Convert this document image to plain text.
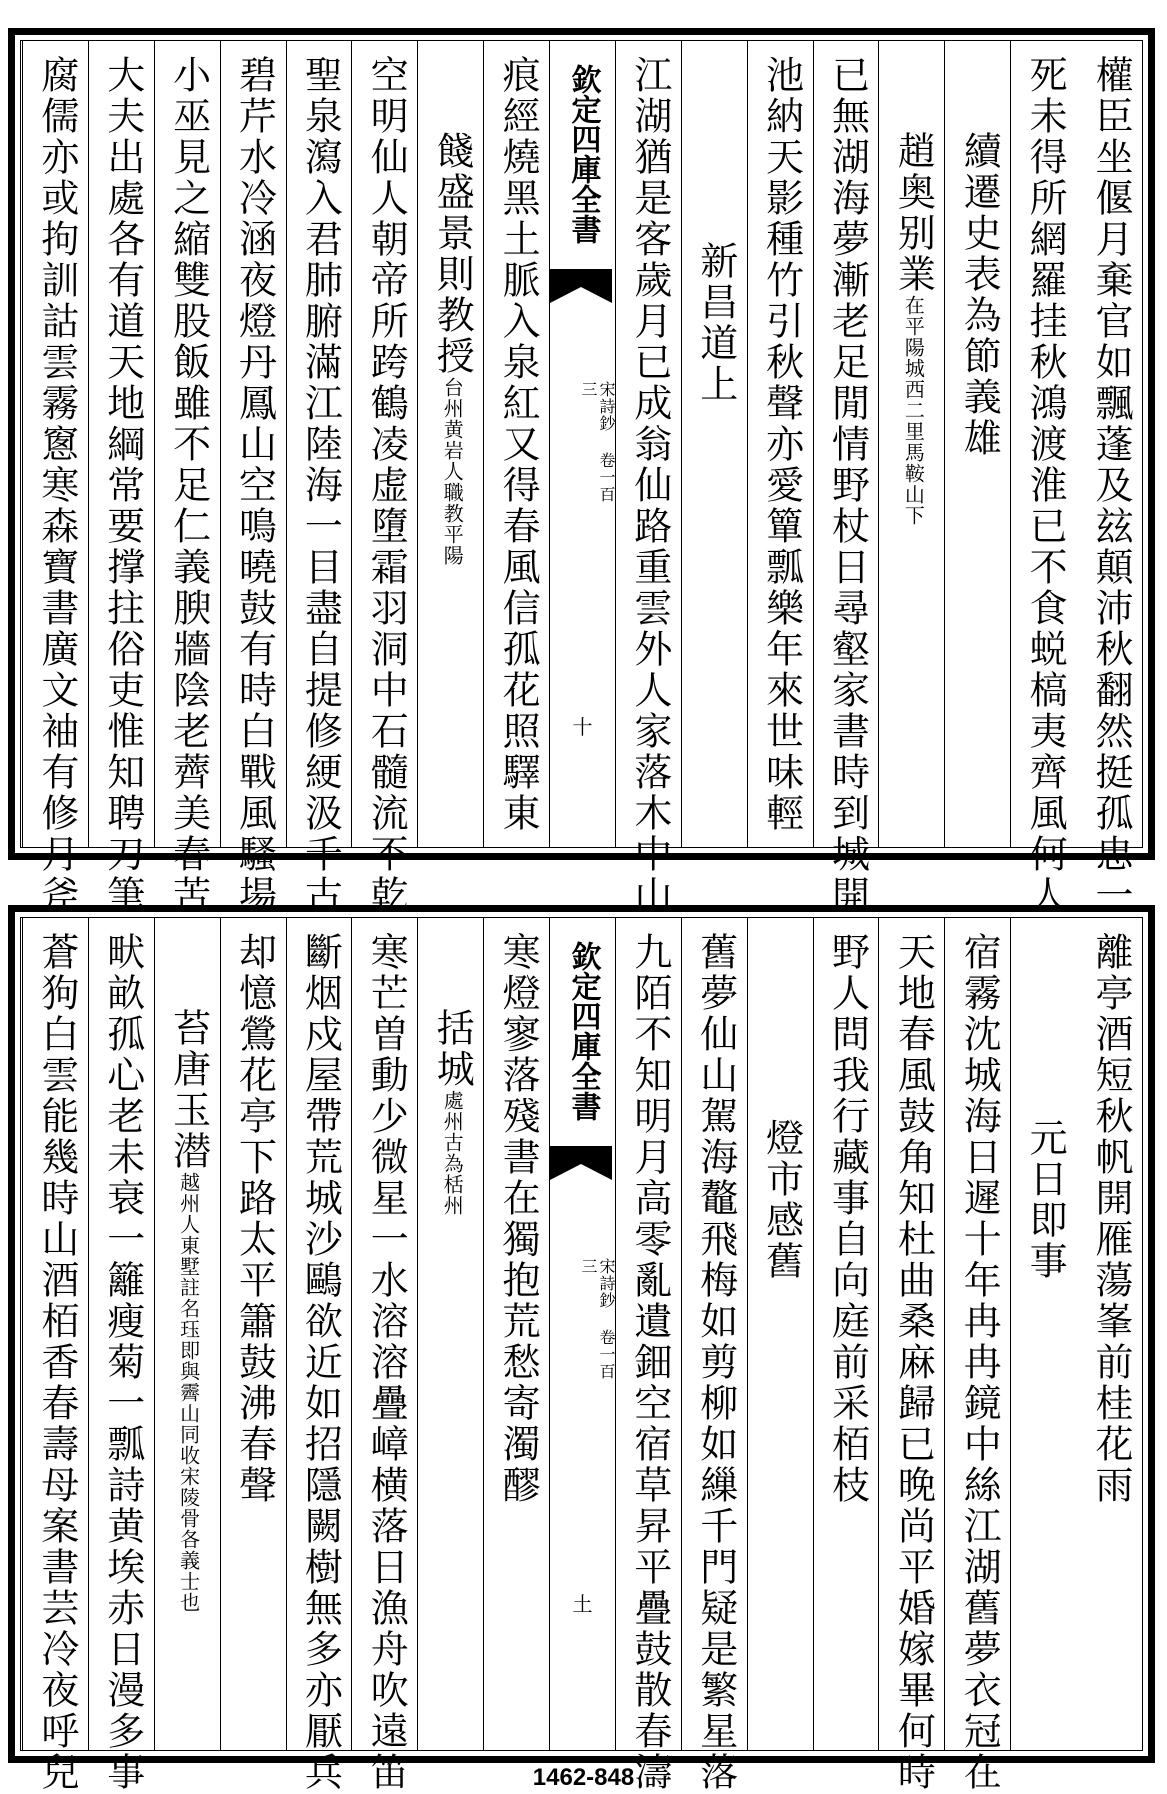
權臣坐偃月棄官如飄蓬及玆顛沛秋翻然挺孤忠一
死未得所網羅挂秋鴻渡淮已不食蜕槁夷齊風何人
續遷史表為節義雄
趙奥别業在平陽城西二里馬鞍山下
已無湖海夢漸老足閒情野杖日尋壑家書時到城開
池納天影種竹引秋聲亦愛簞瓢樂年來世味輕
新昌道上
江湖猶是客歲月已成翁仙路重雲外人家落木中山
欽定四庫全書
宋詩鈔 卷一百三
十
痕經燒黑土脈入泉紅又得春風信孤花照驛東
餞盛景則教授台州黄岩人職教平陽
空明仙人朝帝所跨鶴凌虚墮霜羽洞中石髓流不乾
聖泉瀉入君肺腑滿江陸海一目盡自提修綆汲千古
碧芹水冷涵夜燈丹鳳山空鳴曉鼓有時白戰風騷場
小巫見之縮雙股飯雖不足仁義腴牆陰老薺美春苦
大夫出處各有道天地綱常要撑拄俗吏惟知聘刀筆
腐儒亦或拘訓詁雲霧窻寒森寶書廣文袖有修月斧
離亭酒短秋帆開雁蕩峯前桂花雨
元日即事
宿霧沈城海日遲十年冉冉鏡中絲江湖舊夢衣冠在
天地春風鼓角知杜曲桑麻歸已晚尚平婚嫁畢何時
野人問我行藏事自向庭前采栢枝
燈市感舊
舊夢仙山駕海鼇飛梅如剪柳如繅千門疑是繁星落
九陌不知明月高零亂遺鈿空宿草昇平疊鼓散春濤
欽定四庫全書
宋詩鈔 卷一百三
土
寒燈寥落殘書在獨抱荒愁寄濁醪
括城處州古為栝州
寒芒曽動少微星一水溶溶疊嶂横落日漁舟吹遠笛
斷烟戍屋帶荒城沙鷗欲近如招隱闕樹無多亦厭兵
却憶鶯花亭下路太平簫鼓沸春聲
苔唐玉潜越州人東墅註名珏即與霽山同收宋陵骨各義士也
畎畝孤心老未衰一籬瘦菊一瓢詩黄埃赤日漫多事
蒼狗白雲能幾時山酒栢香春壽母案書芸冷夜呼兒	1462-848
